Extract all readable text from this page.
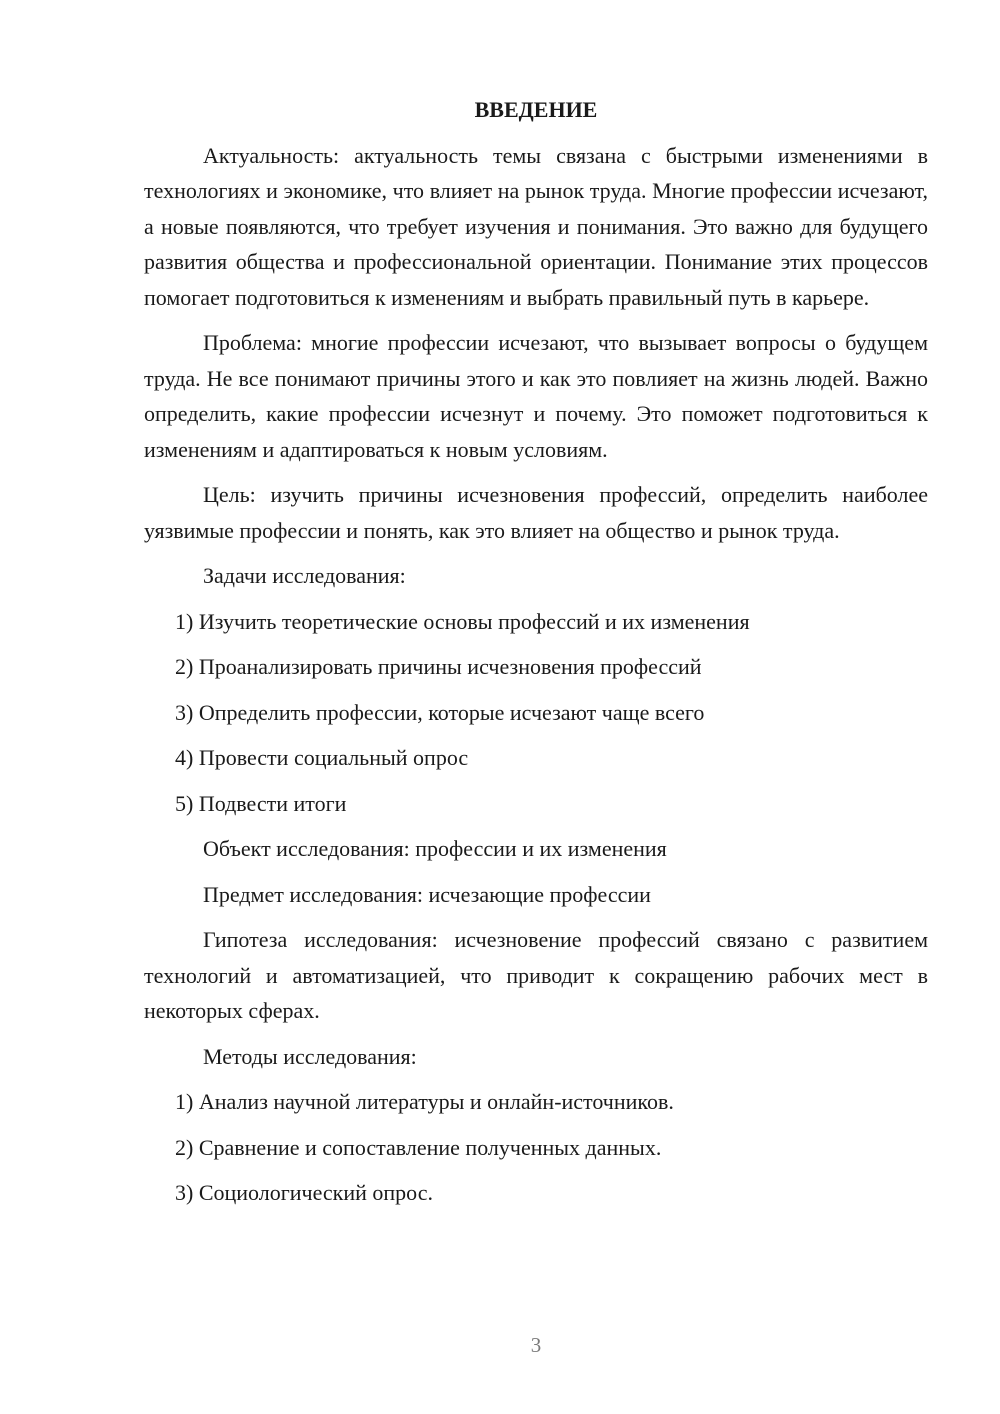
ВВЕДЕНИЕ

Актуальность: актуальность темы связана с быстрыми изменениями в технологиях и экономике, что влияет на рынок труда. Многие профессии исчезают, а новые появляются, что требует изучения и понимания. Это важно для будущего развития общества и профессиональной ориентации. Понимание этих процессов помогает подготовиться к изменениям и выбрать правильный путь в карьере.

Проблема: многие профессии исчезают, что вызывает вопросы о будущем труда. Не все понимают причины этого и как это повлияет на жизнь людей. Важно определить, какие профессии исчезнут и почему. Это поможет подготовиться к изменениям и адаптироваться к новым условиям.

Цель: изучить причины исчезновения профессий, определить наиболее уязвимые профессии и понять, как это влияет на общество и рынок труда.

Задачи исследования:
1) Изучить теоретические основы профессий и их изменения
2) Проанализировать причины исчезновения профессий
3) Определить профессии, которые исчезают чаще всего
4) Провести социальный опрос
5) Подвести итоги
Объект исследования: профессии и их изменения
Предмет исследования: исчезающие профессии

Гипотеза исследования: исчезновение профессий связано с развитием технологий и автоматизацией, что приводит к сокращению рабочих мест в некоторых сферах.

Методы исследования:
1) Анализ научной литературы и онлайн-источников.
2) Сравнение и сопоставление полученных данных.
3) Социологический опрос.
3
